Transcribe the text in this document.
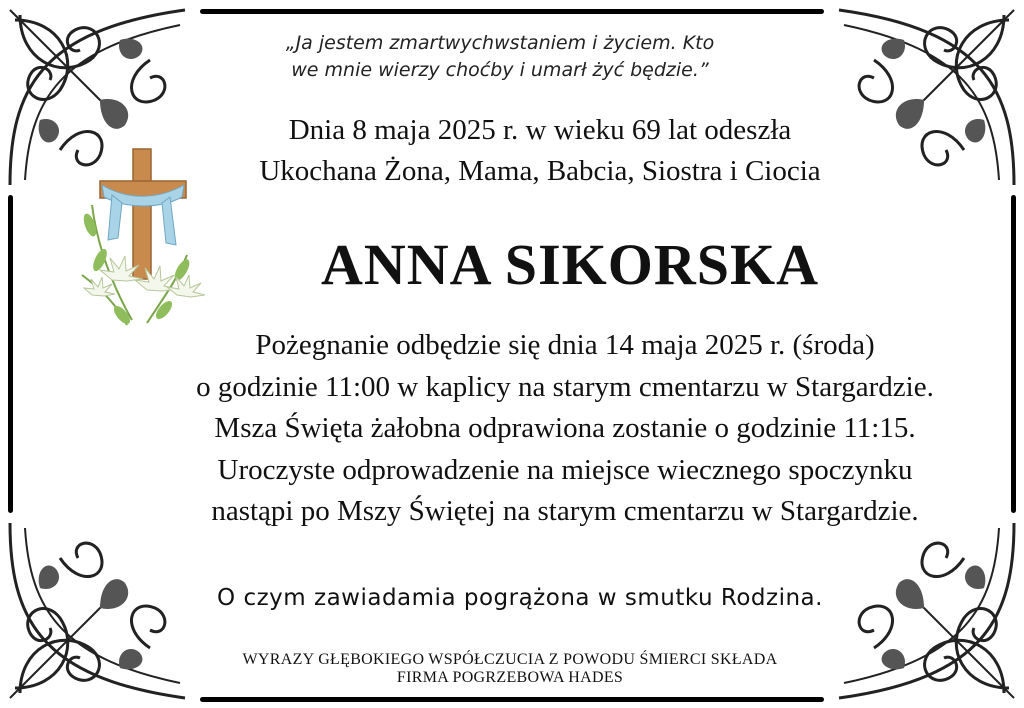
„Ja jestem zmartwychwstaniem i życiem. Kto
we mnie wierzy choćby i umarł żyć będzie.”
Dnia 8 maja 2025 r. w wieku 69 lat odeszła
Ukochana Żona, Mama, Babcia, Siostra i Ciocia
ANNA SIKORSKA
Pożegnanie odbędzie się dnia 14 maja 2025 r. (środa)
o godzinie 11:00 w kaplicy na starym cmentarzu w Stargardzie.
Msza Święta żałobna odprawiona zostanie o godzinie 11:15.
Uroczyste odprowadzenie na miejsce wiecznego spoczynku
nastąpi po Mszy Świętej na starym cmentarzu w Stargardzie.
O czym zawiadamia pogrążona w smutku Rodzina.
WYRAZY GŁĘBOKIEGO WSPÓŁCZUCIA Z POWODU ŚMIERCI SKŁADA
FIRMA POGRZEBOWA HADES
